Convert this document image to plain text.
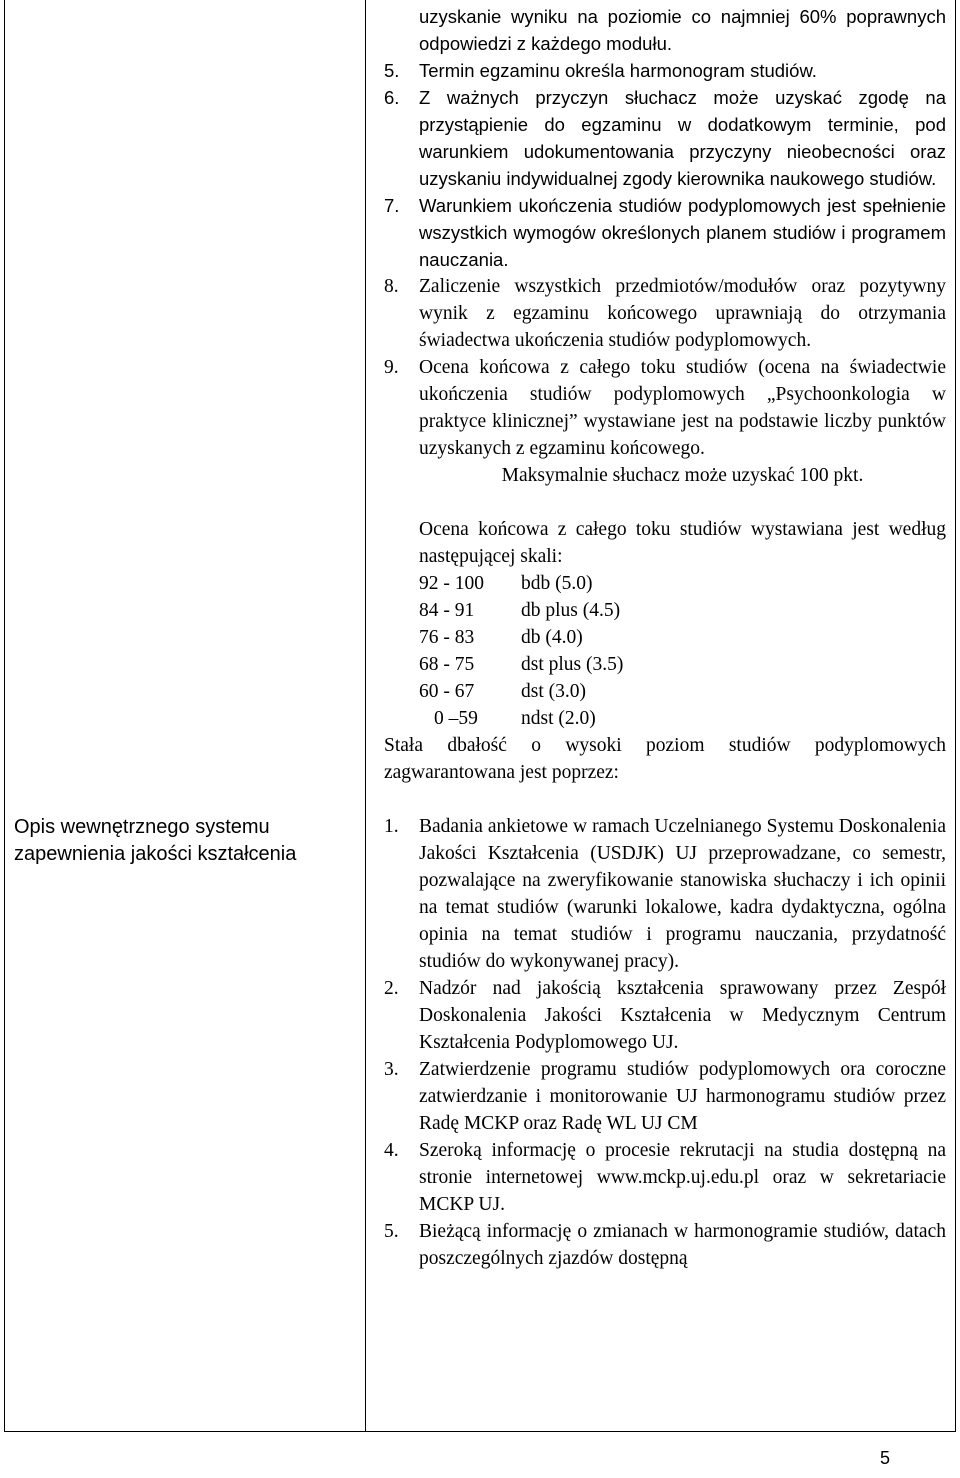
Opis wewnętrznego systemu zapewnienia jakości kształcenia
uzyskanie wyniku na poziomie co najmniej 60% poprawnych odpowiedzi z każdego modułu.
5. Termin egzaminu określa harmonogram studiów.
6. Z ważnych przyczyn słuchacz może uzyskać zgodę na przystąpienie do egzaminu w dodatkowym terminie, pod warunkiem udokumentowania przyczyny nieobecności oraz uzyskaniu indywidualnej zgody kierownika naukowego studiów.
7. Warunkiem ukończenia studiów podyplomowych jest spełnienie wszystkich wymogów określonych planem studiów i programem nauczania.
8. Zaliczenie wszystkich przedmiotów/modułów oraz pozytywny wynik z egzaminu końcowego uprawniają do otrzymania świadectwa ukończenia studiów podyplomowych.
9. Ocena końcowa z całego toku studiów (ocena na świadectwie ukończenia studiów podyplomowych „Psychoonkologia w praktyce klinicznej” wystawiane jest na podstawie liczby punktów uzyskanych z egzaminu końcowego.
Maksymalnie słuchacz może uzyskać 100 pkt.
Ocena końcowa z całego toku studiów wystawiana jest według następującej skali:
92 - 100	bdb (5.0)
84 - 91	db plus (4.5)
76 - 83	db (4.0)
68 - 75	dst plus (3.5)
60 - 67	dst (3.0)
0 –59	ndst (2.0)
Stała dbałość o wysoki poziom studiów podyplomowych zagwarantowana jest poprzez:
1. Badania ankietowe w ramach Uczelnianego Systemu Doskonalenia Jakości Kształcenia (USDJK) UJ przeprowadzane, co semestr, pozwalające na zweryfikowanie stanowiska słuchaczy i ich opinii na temat studiów (warunki lokalowe, kadra dydaktyczna, ogólna opinia na temat studiów i programu nauczania, przydatność studiów do wykonywanej pracy).
2. Nadzór nad jakością kształcenia sprawowany przez Zespół Doskonalenia Jakości Kształcenia w Medycznym Centrum Kształcenia Podyplomowego UJ.
3. Zatwierdzenie programu studiów podyplomowych ora coroczne zatwierdzanie i monitorowanie UJ harmonogramu studiów przez Radę MCKP oraz Radę WL UJ CM
4. Szeroką informację o procesie rekrutacji na studia dostępną na stronie internetowej www.mckp.uj.edu.pl oraz w sekretariacie MCKP UJ.
5. Bieżącą informację o zmianach w harmonogramie studiów, datach poszczególnych zjazdów dostępną
5
